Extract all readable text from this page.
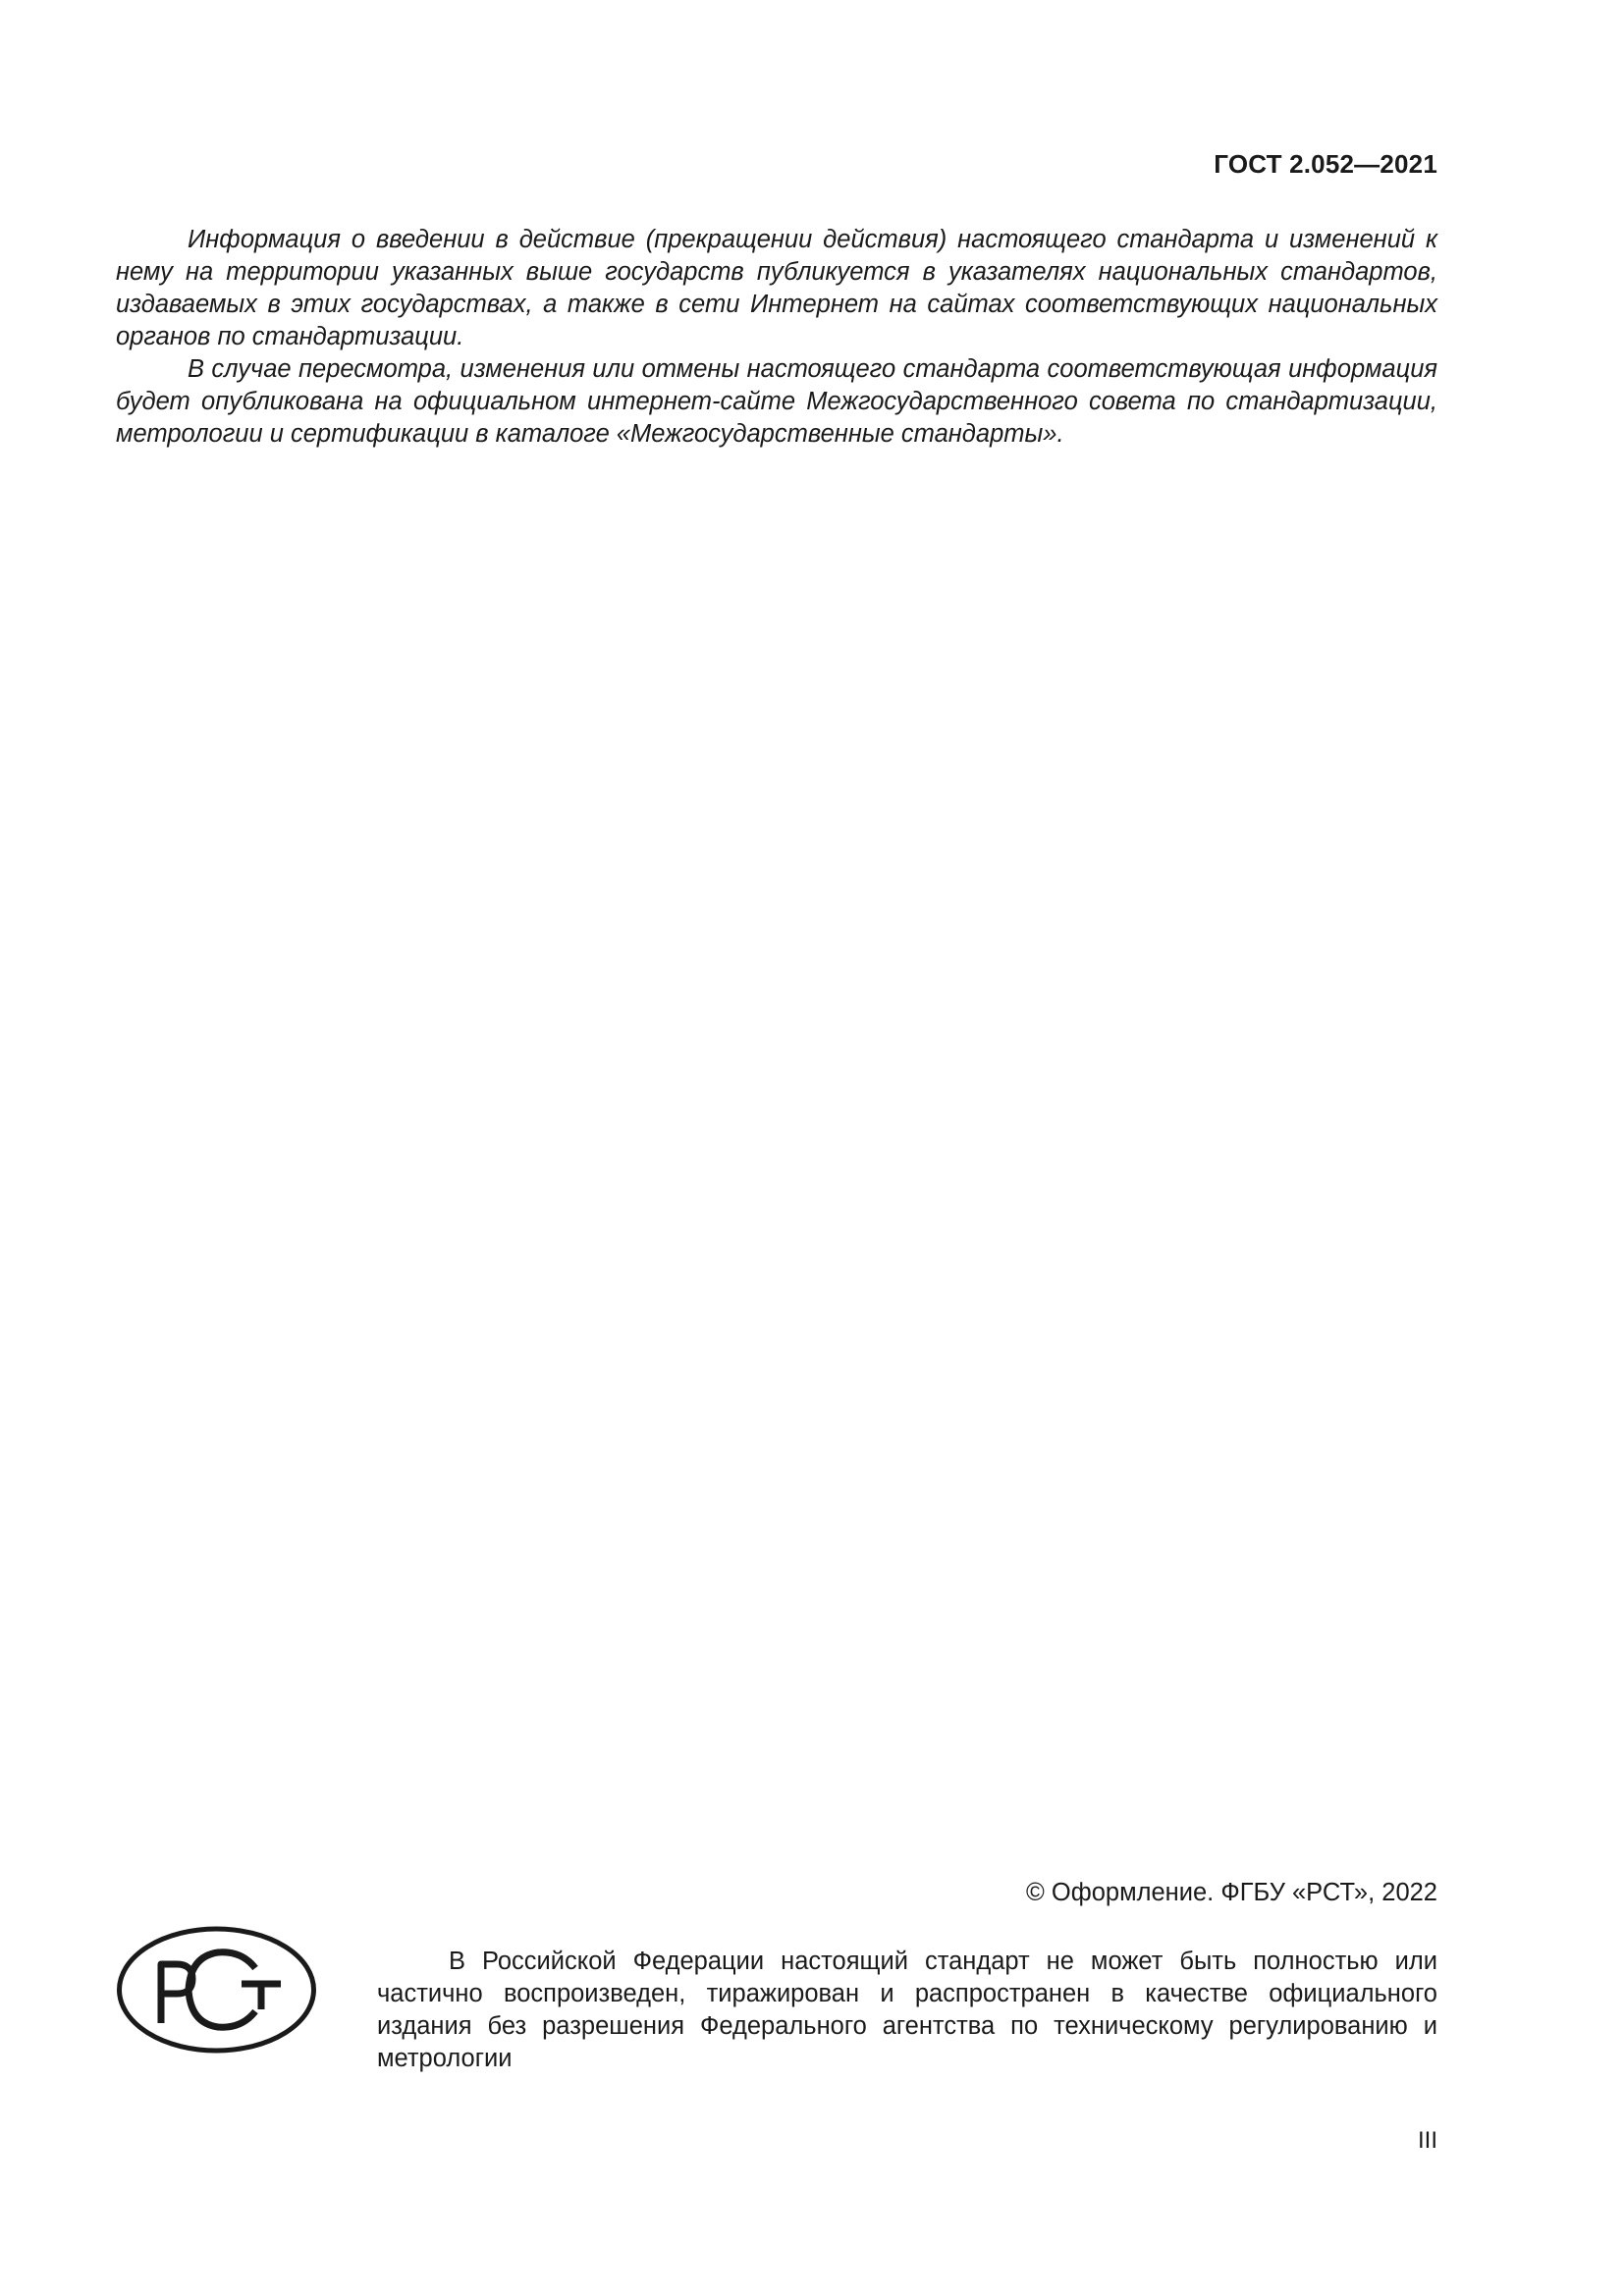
ГОСТ 2.052—2021

Информация о введении в действие (прекращении действия) настоящего стандарта и изменений к нему на территории указанных выше государств публикуется в указателях национальных стандартов, издаваемых в этих государствах, а также в сети Интернет на сайтах соответствующих национальных органов по стандартизации.

В случае пересмотра, изменения или отмены настоящего стандарта соответствующая информация будет опубликована на официальном интернет-сайте Межгосударственного совета по стандартизации, метрологии и сертификации в каталоге «Межгосударственные стандарты».

© Оформление. ФГБУ «РСТ», 2022

В Российской Федерации настоящий стандарт не может быть полностью или частично воспроизведен, тиражирован и распространен в качестве официального издания без разрешения Федерального агентства по техническому регулированию и метрологии

III
